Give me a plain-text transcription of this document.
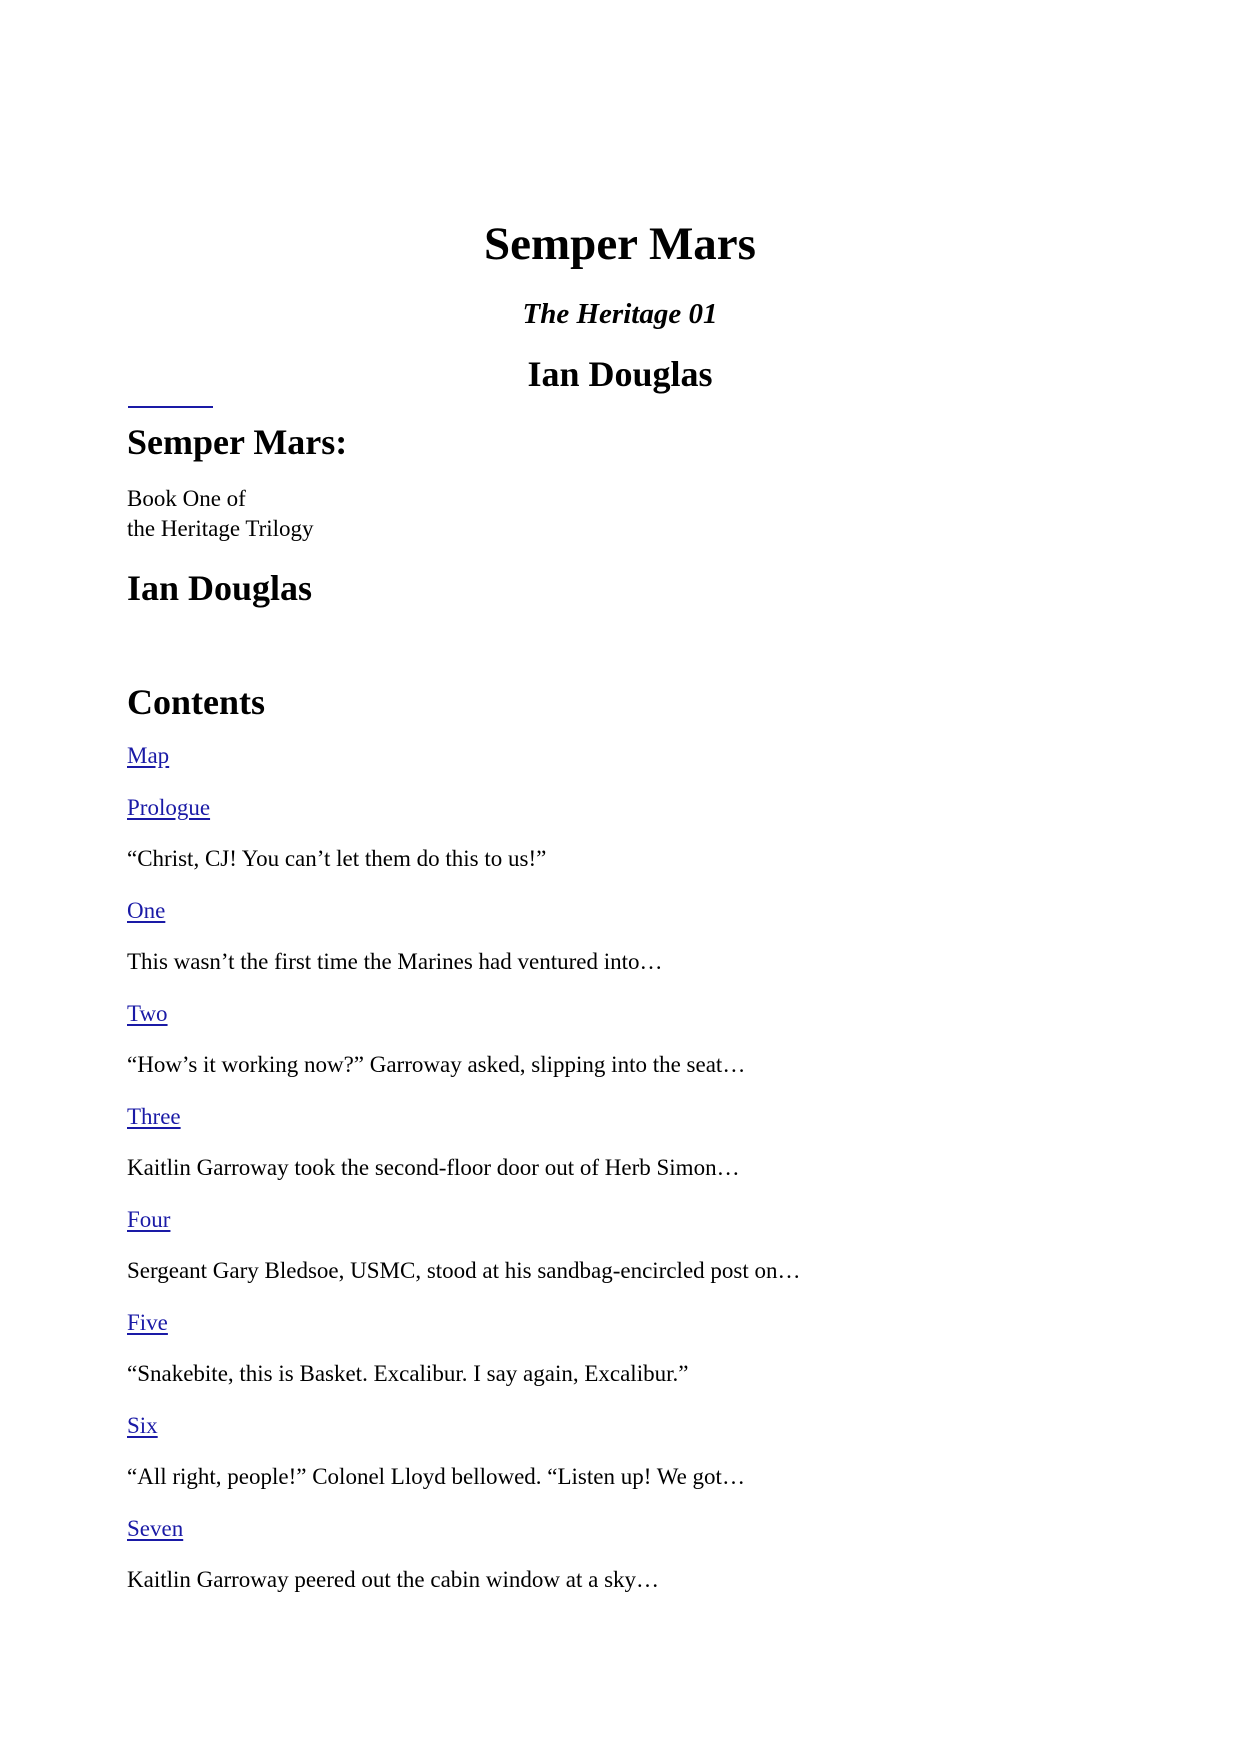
Semper Mars
The Heritage 01
Ian Douglas
Semper Mars:
Book One of
the Heritage Trilogy
Ian Douglas
Contents
Map
Prologue
“Christ, CJ! You can’t let them do this to us!”
One
This wasn’t the first time the Marines had ventured into…
Two
“How’s it working now?” Garroway asked, slipping into the seat…
Three
Kaitlin Garroway took the second-floor door out of Herb Simon…
Four
Sergeant Gary Bledsoe, USMC, stood at his sandbag-encircled post on…
Five
“Snakebite, this is Basket. Excalibur. I say again, Excalibur.”
Six
“All right, people!” Colonel Lloyd bellowed. “Listen up! We got…
Seven
Kaitlin Garroway peered out the cabin window at a sky…
